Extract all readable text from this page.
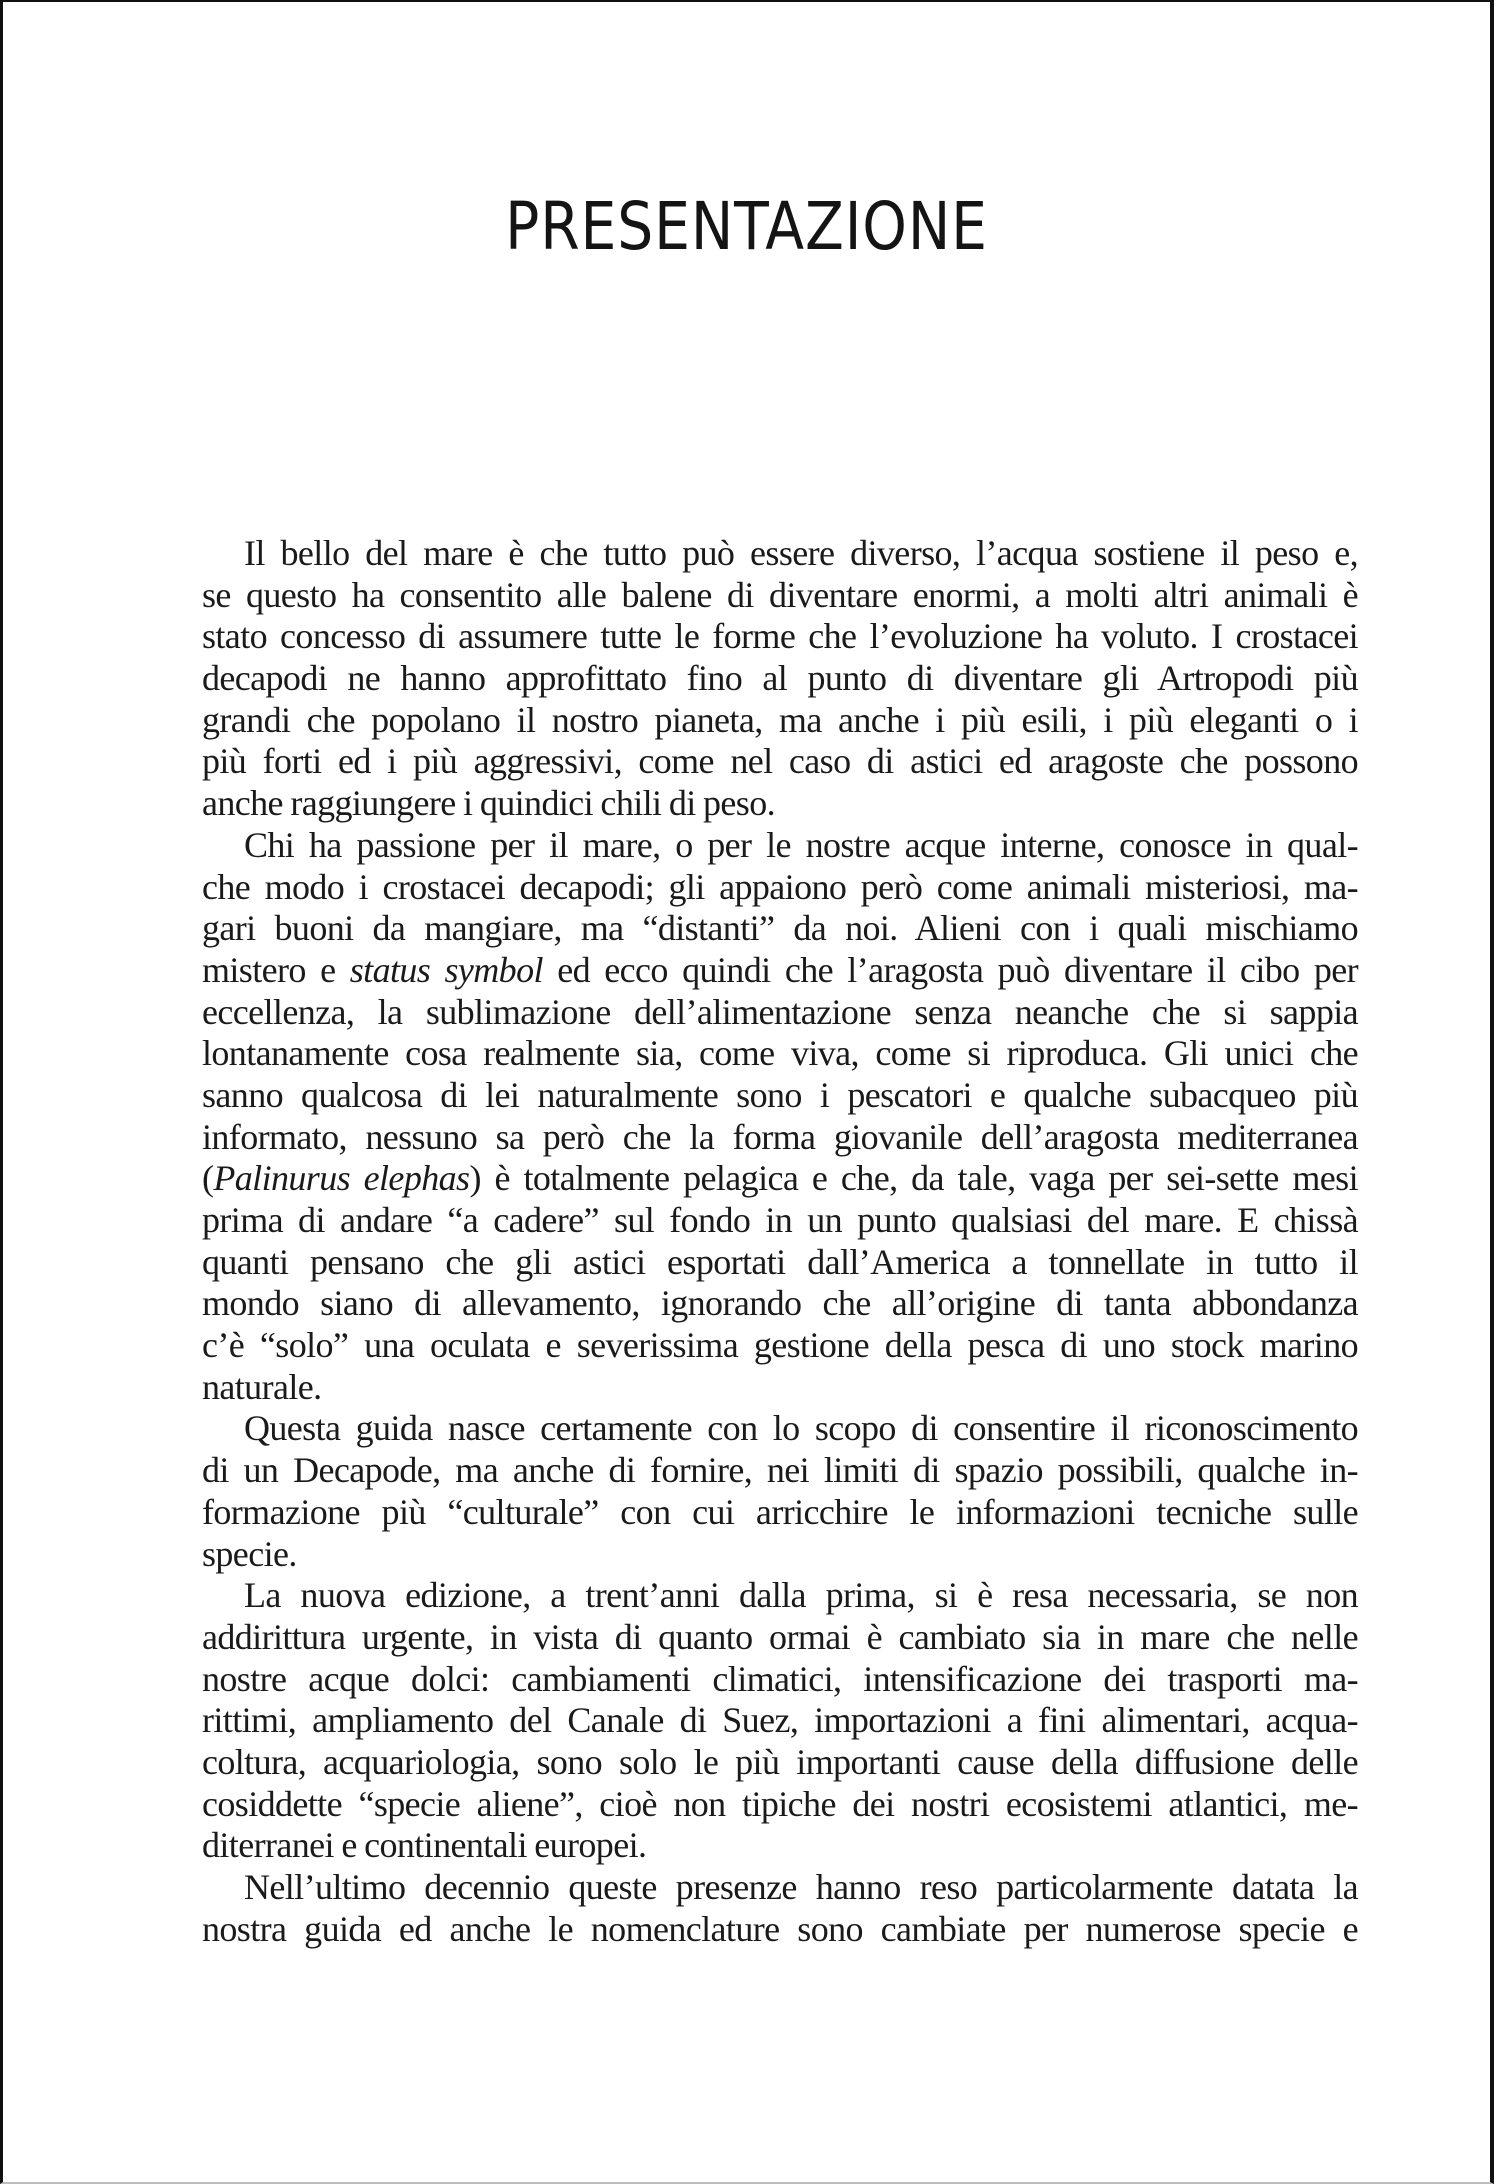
PRESENTAZIONE
Il bello del mare è che tutto può essere diverso, l’acqua sostiene il peso e,
se questo ha consentito alle balene di diventare enormi, a molti altri animali è
stato concesso di assumere tutte le forme che l’evoluzione ha voluto. I crostacei
decapodi ne hanno approfittato fino al punto di diventare gli Artropodi più
grandi che popolano il nostro pianeta, ma anche i più esili, i più eleganti o i
più forti ed i più aggressivi, come nel caso di astici ed aragoste che possono
anche raggiungere i quindici chili di peso.
Chi ha passione per il mare, o per le nostre acque interne, conosce in qual-
che modo i crostacei decapodi; gli appaiono però come animali misteriosi, ma-
gari buoni da mangiare, ma “distanti” da noi. Alieni con i quali mischiamo
mistero e status symbol ed ecco quindi che l’aragosta può diventare il cibo per
eccellenza, la sublimazione dell’alimentazione senza neanche che si sappia
lontanamente cosa realmente sia, come viva, come si riproduca. Gli unici che
sanno qualcosa di lei naturalmente sono i pescatori e qualche subacqueo più
informato, nessuno sa però che la forma giovanile dell’aragosta mediterranea
(Palinurus elephas) è totalmente pelagica e che, da tale, vaga per sei-sette mesi
prima di andare “a cadere” sul fondo in un punto qualsiasi del mare. E chissà
quanti pensano che gli astici esportati dall’America a tonnellate in tutto il
mondo siano di allevamento, ignorando che all’origine di tanta abbondanza
c’è “solo” una oculata e severissima gestione della pesca di uno stock marino
naturale.
Questa guida nasce certamente con lo scopo di consentire il riconoscimento
di un Decapode, ma anche di fornire, nei limiti di spazio possibili, qualche in-
formazione più “culturale” con cui arricchire le informazioni tecniche sulle
specie.
La nuova edizione, a trent’anni dalla prima, si è resa necessaria, se non
addirittura urgente, in vista di quanto ormai è cambiato sia in mare che nelle
nostre acque dolci: cambiamenti climatici, intensificazione dei trasporti ma-
rittimi, ampliamento del Canale di Suez, importazioni a fini alimentari, acqua-
coltura, acquariologia, sono solo le più importanti cause della diffusione delle
cosiddette “specie aliene”, cioè non tipiche dei nostri ecosistemi atlantici, me-
diterranei e continentali europei.
Nell’ultimo decennio queste presenze hanno reso particolarmente datata la
nostra guida ed anche le nomenclature sono cambiate per numerose specie e
